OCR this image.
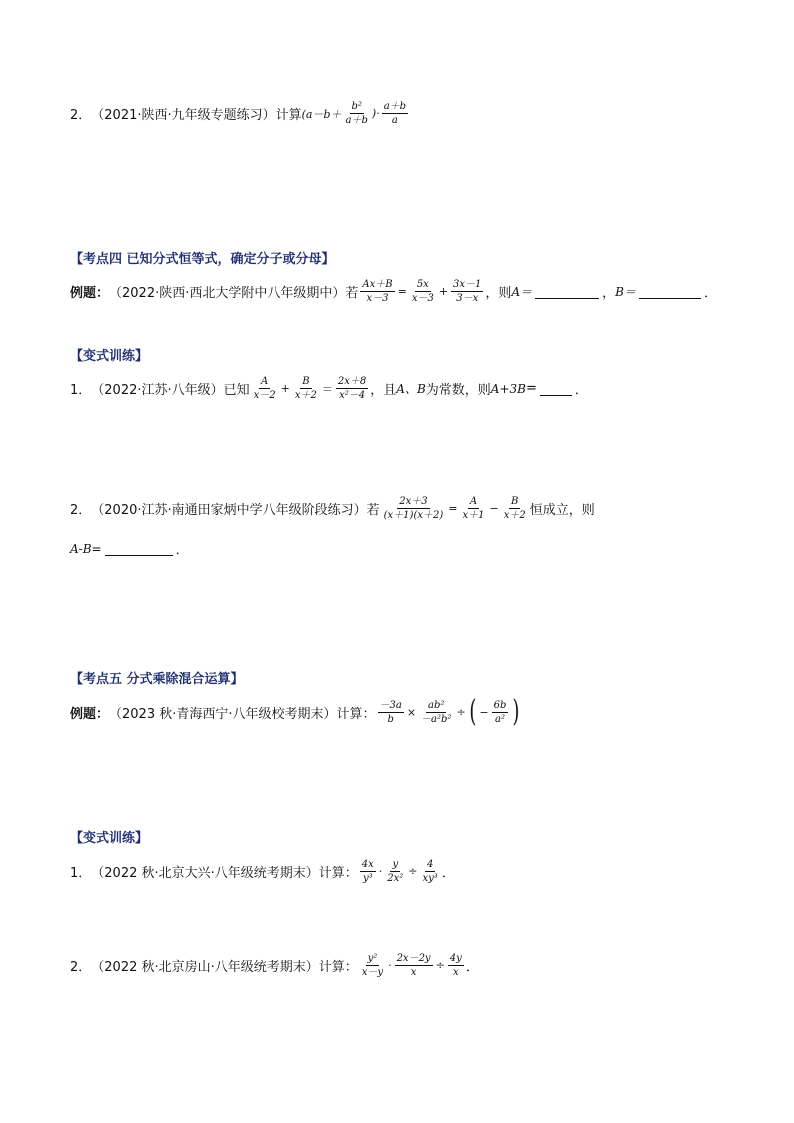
2． （2021·陕西·九年级专题练习）计算 ($a-b+ \frac{\text{b²}}{a+b}$ )· $\frac{a+b}{a}$
【考点四 已知分式恒等式，确定分子或分母】
例题： （2022·陕西·西北大学附中八年级期中）若 $\frac{Ax+B}{x-3} = \frac{5x}{x-3} + \frac{3x-1}{3-x}$ ，则 A＝	， B＝	．
【变式训练】
1． （2022·江苏·八年级）已知 $\frac{A}{x-2} + \frac{B}{x+2} = \frac{2x+8}{\text{x²－4}}$ ，且 A、B 为常数，则 A+3B =	．
2． （2020·江苏·南通田家炳中学八年级阶段练习）若 $\frac{2x+3}{(x+1)(x+2)} = \frac{A}{x+1} - \frac{B}{x+2}$ 恒成立，则
A-B=	．
【考点五 分式乘除混合运算】
例题： （2023 秋·青海西宁·八年级校考期末）计算： $\frac{-3a}{b} \times \frac{\text{ab²}}{\text{－a²b²}}$ ÷ ( − $\frac{6b}{\text{a²}}$ )
【变式训练】
1． （2022 秋·北京大兴·八年级统考期末）计算： $\frac{4x}{\text{y³}} \cdot \frac{y}{\text{2x²}} \div \frac{4}{\text{xy³}}$ ．
2． （2022 秋·北京房山·八年级统考期末）计算： $\frac{\text{y²}}{x-y} \cdot \frac{2x-2y}{x} \div \frac{4y}{x}$ ．
